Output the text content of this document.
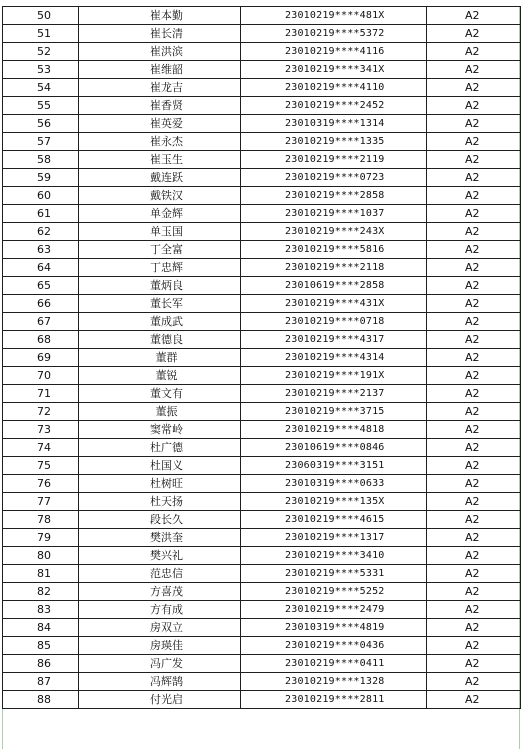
50	崔本勤	23010219****481X	A2
51	崔长清	23010219****5372	A2
52	崔洪滨	23010219****4116	A2
53	崔维韶	23010219****341X	A2
54	崔龙吉	23010219****4110	A2
55	崔香贤	23010219****2452	A2
56	崔英爱	23010319****1314	A2
57	崔永杰	23010219****1335	A2
58	崔玉生	23010219****2119	A2
59	戴连跃	23010219****0723	A2
60	戴铁汉	23010219****2858	A2
61	单金辉	23010219****1037	A2
62	单玉国	23010219****243X	A2
63	丁全富	23010219****5816	A2
64	丁忠辉	23010219****2118	A2
65	董炳良	23010619****2858	A2
66	董长军	23010219****431X	A2
67	董成武	23010219****0718	A2
68	董德良	23010219****4317	A2
69	董群	23010219****4314	A2
70	董锐	23010219****191X	A2
71	董文有	23010219****2137	A2
72	董振	23010219****3715	A2
73	窦常岭	23010219****4818	A2
74	杜广德	23010619****0846	A2
75	杜国义	23060319****3151	A2
76	杜树旺	23010319****0633	A2
77	杜天扬	23010219****135X	A2
78	段长久	23010219****4615	A2
79	樊洪奎	23010219****1317	A2
80	樊兴礼	23010219****3410	A2
81	范忠信	23010219****5331	A2
82	方喜茂	23010219****5252	A2
83	方有成	23010219****2479	A2
84	房双立	23010319****4819	A2
85	房瑛佳	23010219****0436	A2
86	冯广发	23010219****0411	A2
87	冯辉鹄	23010219****1328	A2
88	付光启	23010219****2811	A2
